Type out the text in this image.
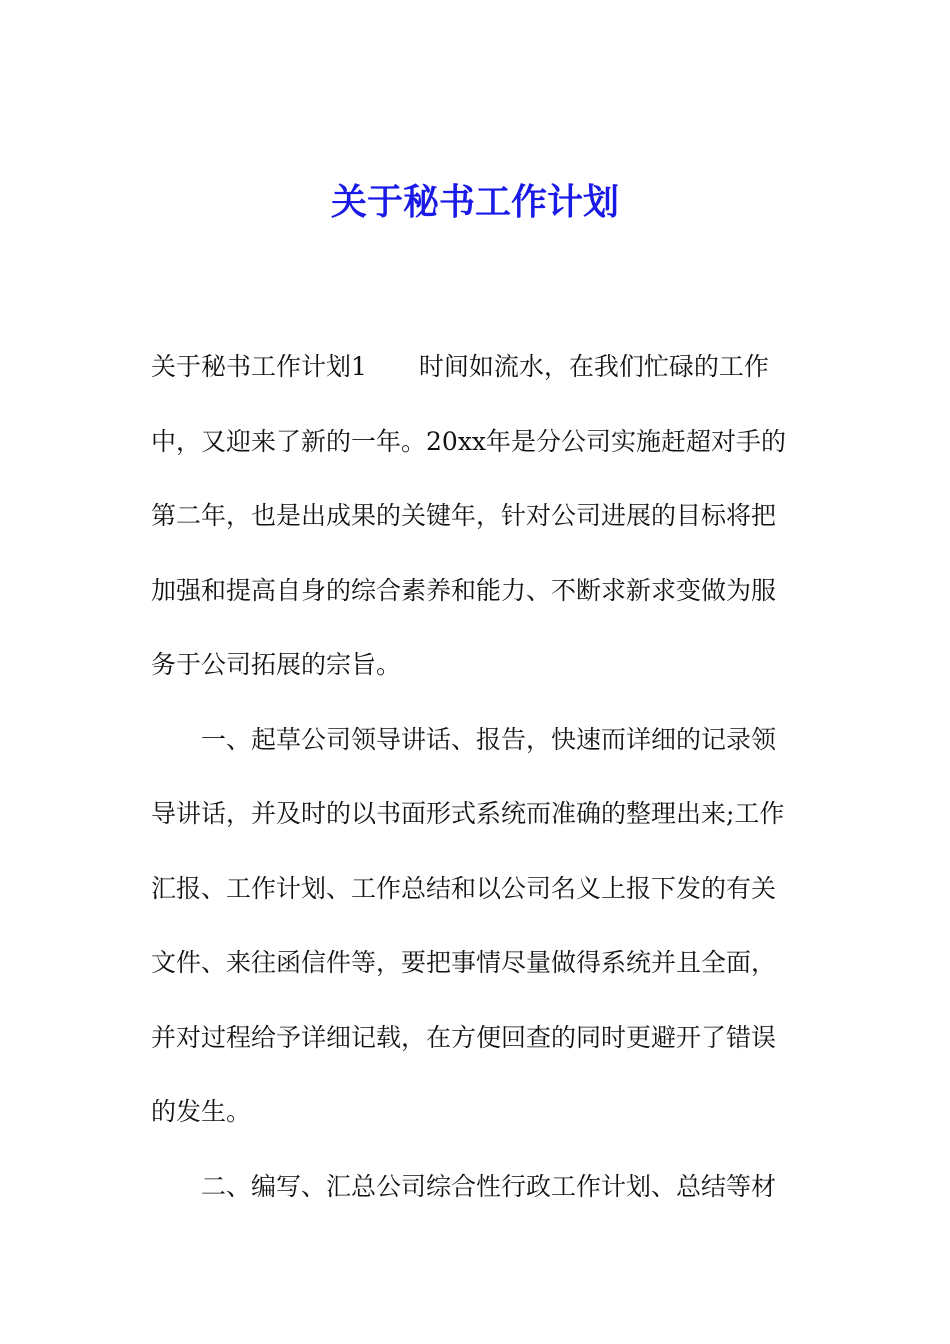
关于秘书工作计划
关于秘书工作计划1 时间如流水，在我们忙碌的工作
中，又迎来了新的一年。20xx年是分公司实施赶超对手的
第二年，也是出成果的关键年，针对公司进展的目标将把
加强和提高自身的综合素养和能力、不断求新求变做为服
务于公司拓展的宗旨。
一、起草公司领导讲话、报告，快速而详细的记录领
导讲话，并及时的以书面形式系统而准确的整理出来;工作
汇报、工作计划、工作总结和以公司名义上报下发的有关
文件、来往函信件等，要把事情尽量做得系统并且全面，
并对过程给予详细记载，在方便回查的同时更避开了错误
的发生。
二、编写、汇总公司综合性行政工作计划、总结等材
